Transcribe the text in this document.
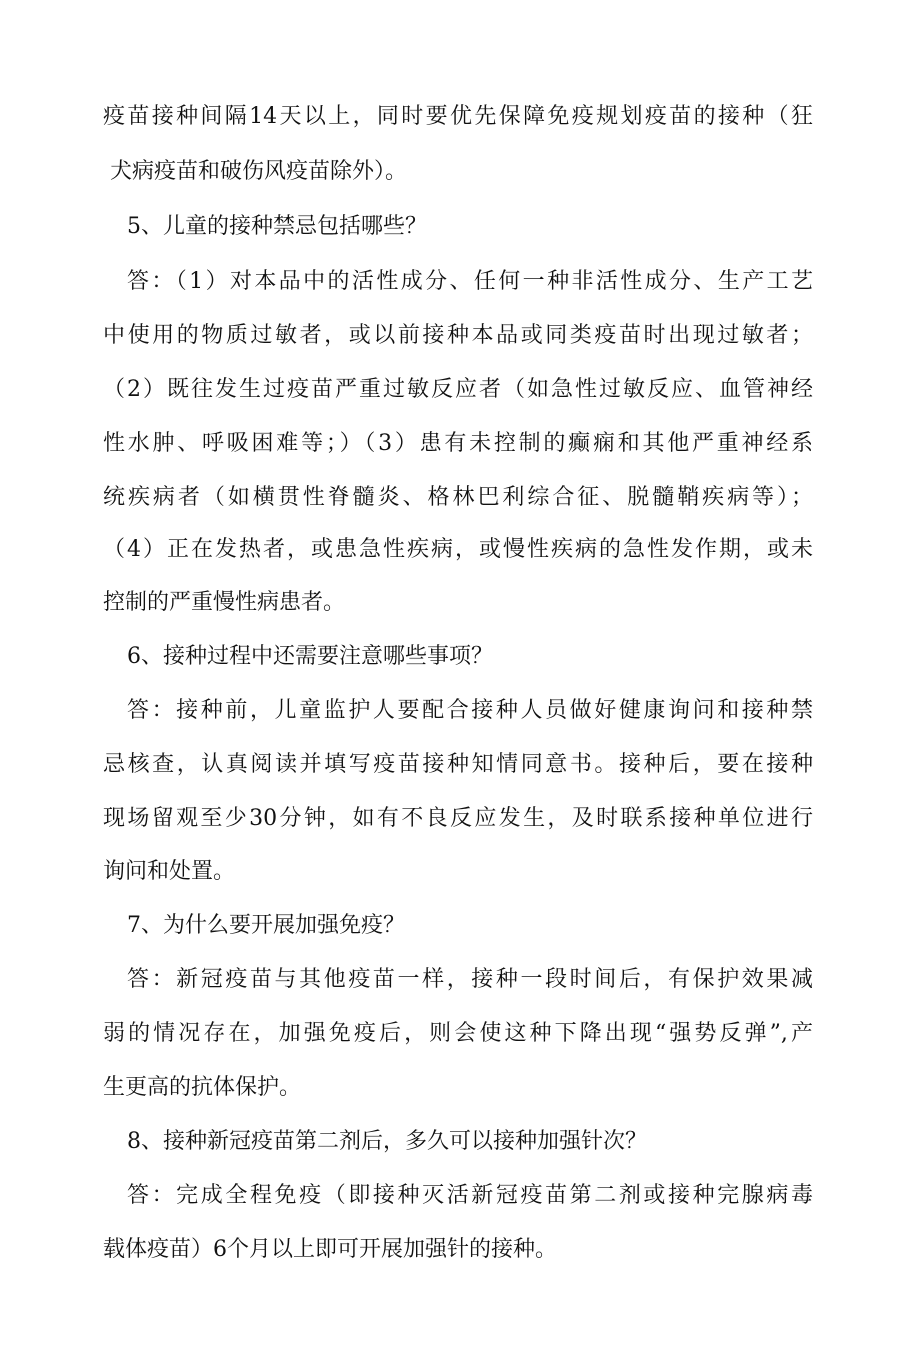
疫苗接种间隔14天以上，同时要优先保障免疫规划疫苗的接种（狂
犬病疫苗和破伤风疫苗除外）。
5、儿童的接种禁忌包括哪些？
答：（1）对本品中的活性成分、任何一种非活性成分、生产工艺
中使用的物质过敏者，或以前接种本品或同类疫苗时出现过敏者；
（2）既往发生过疫苗严重过敏反应者（如急性过敏反应、血管神经
性水肿、呼吸困难等；）（3）患有未控制的癫痫和其他严重神经系
统疾病者（如横贯性脊髓炎、格林巴利综合征、脱髓鞘疾病等）；
（4）正在发热者，或患急性疾病，或慢性疾病的急性发作期，或未
控制的严重慢性病患者。
6、接种过程中还需要注意哪些事项？
答：接种前，儿童监护人要配合接种人员做好健康询问和接种禁
忌核查，认真阅读并填写疫苗接种知情同意书。接种后，要在接种
现场留观至少30分钟，如有不良反应发生，及时联系接种单位进行
询问和处置。
7、为什么要开展加强免疫？
答：新冠疫苗与其他疫苗一样，接种一段时间后，有保护效果减
弱的情况存在，加强免疫后，则会使这种下降出现“强势反弹”,产
生更高的抗体保护。
8、接种新冠疫苗第二剂后，多久可以接种加强针次？
答：完成全程免疫（即接种灭活新冠疫苗第二剂或接种完腺病毒
载体疫苗）6个月以上即可开展加强针的接种。
